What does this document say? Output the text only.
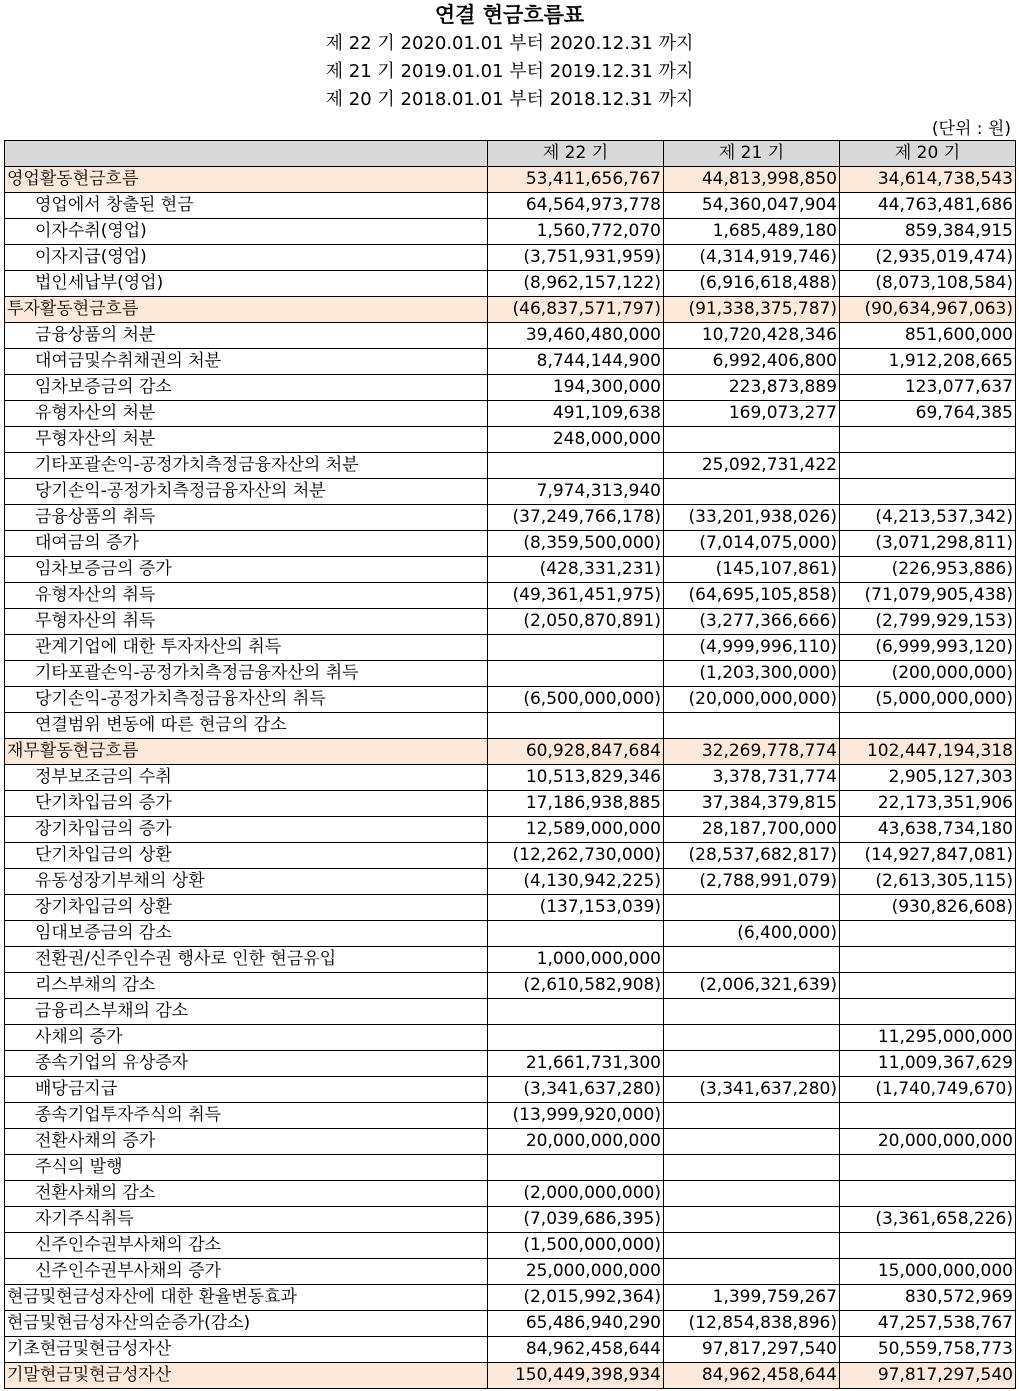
연결 현금흐름표
제 22 기 2020.01.01 부터 2020.12.31 까지
제 21 기 2019.01.01 부터 2019.12.31 까지
제 20 기 2018.01.01 부터 2018.12.31 까지
(단위 : 원)
	제 22 기	제 21 기	제 20 기
영업활동현금흐름	53,411,656,767	44,813,998,850	34,614,738,543
영업에서 창출된 현금	64,564,973,778	54,360,047,904	44,763,481,686
이자수취(영업)	1,560,772,070	1,685,489,180	859,384,915
이자지급(영업)	(3,751,931,959)	(4,314,919,746)	(2,935,019,474)
법인세납부(영업)	(8,962,157,122)	(6,916,618,488)	(8,073,108,584)
투자활동현금흐름	(46,837,571,797)	(91,338,375,787)	(90,634,967,063)
금융상품의 처분	39,460,480,000	10,720,428,346	851,600,000
대여금및수취채권의 처분	8,744,144,900	6,992,406,800	1,912,208,665
임차보증금의 감소	194,300,000	223,873,889	123,077,637
유형자산의 처분	491,109,638	169,073,277	69,764,385
무형자산의 처분	248,000,000		
기타포괄손익-공정가치측정금융자산의 처분		25,092,731,422	
당기손익-공정가치측정금융자산의 처분	7,974,313,940		
금융상품의 취득	(37,249,766,178)	(33,201,938,026)	(4,213,537,342)
대여금의 증가	(8,359,500,000)	(7,014,075,000)	(3,071,298,811)
임차보증금의 증가	(428,331,231)	(145,107,861)	(226,953,886)
유형자산의 취득	(49,361,451,975)	(64,695,105,858)	(71,079,905,438)
무형자산의 취득	(2,050,870,891)	(3,277,366,666)	(2,799,929,153)
관계기업에 대한 투자자산의 취득		(4,999,996,110)	(6,999,993,120)
기타포괄손익-공정가치측정금융자산의 취득		(1,203,300,000)	(200,000,000)
당기손익-공정가치측정금융자산의 취득	(6,500,000,000)	(20,000,000,000)	(5,000,000,000)
연결범위 변동에 따른 현금의 감소			
재무활동현금흐름	60,928,847,684	32,269,778,774	102,447,194,318
정부보조금의 수취	10,513,829,346	3,378,731,774	2,905,127,303
단기차입금의 증가	17,186,938,885	37,384,379,815	22,173,351,906
장기차입금의 증가	12,589,000,000	28,187,700,000	43,638,734,180
단기차입금의 상환	(12,262,730,000)	(28,537,682,817)	(14,927,847,081)
유동성장기부채의 상환	(4,130,942,225)	(2,788,991,079)	(2,613,305,115)
장기차입금의 상환	(137,153,039)		(930,826,608)
임대보증금의 감소		(6,400,000)	
전환권/신주인수권 행사로 인한 현금유입	1,000,000,000		
리스부채의 감소	(2,610,582,908)	(2,006,321,639)	
금융리스부채의 감소			
사채의 증가			11,295,000,000
종속기업의 유상증자	21,661,731,300		11,009,367,629
배당금지급	(3,341,637,280)	(3,341,637,280)	(1,740,749,670)
종속기업투자주식의 취득	(13,999,920,000)		
전환사채의 증가	20,000,000,000		20,000,000,000
주식의 발행			
전환사채의 감소	(2,000,000,000)		
자기주식취득	(7,039,686,395)		(3,361,658,226)
신주인수권부사채의 감소	(1,500,000,000)		
신주인수권부사채의 증가	25,000,000,000		15,000,000,000
현금및현금성자산에 대한 환율변동효과	(2,015,992,364)	1,399,759,267	830,572,969
현금및현금성자산의순증가(감소)	65,486,940,290	(12,854,838,896)	47,257,538,767
기초현금및현금성자산	84,962,458,644	97,817,297,540	50,559,758,773
기말현금및현금성자산	150,449,398,934	84,962,458,644	97,817,297,540
